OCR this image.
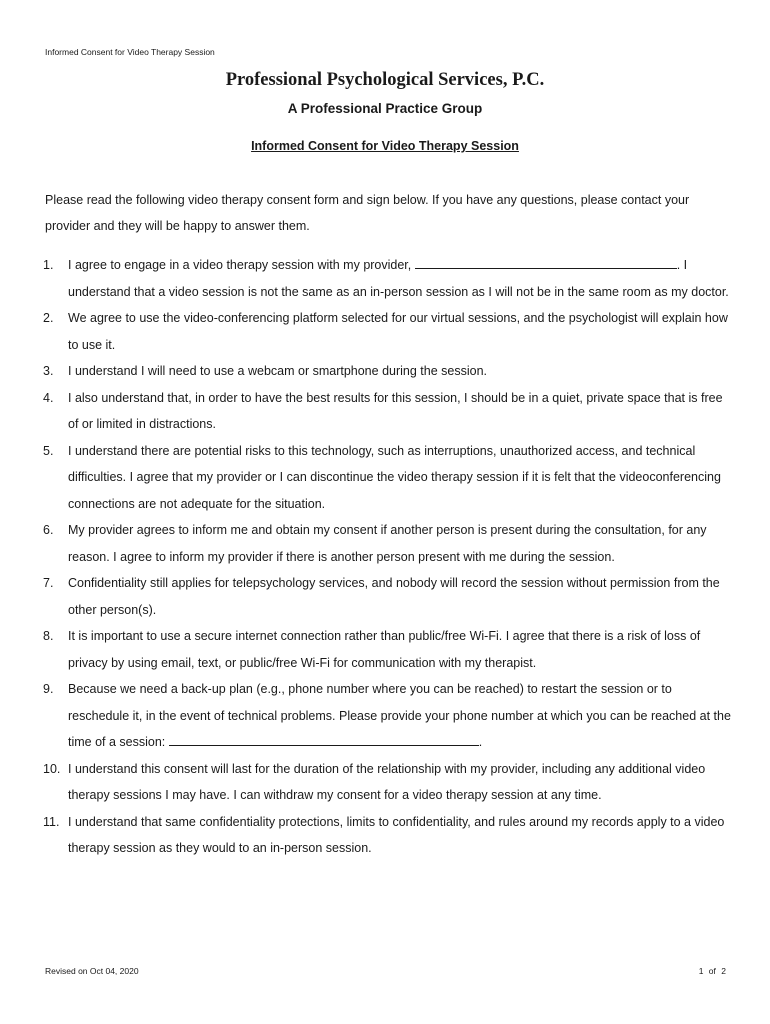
Informed Consent for Video Therapy Session
Professional Psychological Services, P.C.
A Professional Practice Group
Informed Consent for Video Therapy Session
Please read the following video therapy consent form and sign below. If you have any questions, please contact your provider and they will be happy to answer them.
1. I agree to engage in a video therapy session with my provider,	. I understand that a video session is not the same as an in-person session as I will not be in the same room as my doctor.
2. We agree to use the video-conferencing platform selected for our virtual sessions, and the psychologist will explain how to use it.
3. I understand I will need to use a webcam or smartphone during the session.
4. I also understand that, in order to have the best results for this session, I should be in a quiet, private space that is free of or limited in distractions.
5. I understand there are potential risks to this technology, such as interruptions, unauthorized access, and technical difficulties. I agree that my provider or I can discontinue the video therapy session if it is felt that the videoconferencing connections are not adequate for the situation.
6. My provider agrees to inform me and obtain my consent if another person is present during the consultation, for any reason. I agree to inform my provider if there is another person present with me during the session.
7. Confidentiality still applies for telepsychology services, and nobody will record the session without permission from the other person(s).
8. It is important to use a secure internet connection rather than public/free Wi-Fi. I agree that there is a risk of loss of privacy by using email, text, or public/free Wi-Fi for communication with my therapist.
9. Because we need a back-up plan (e.g., phone number where you can be reached) to restart the session or to reschedule it, in the event of technical problems. Please provide your phone number at which you can be reached at the time of a session:	.
10. I understand this consent will last for the duration of the relationship with my provider, including any additional video therapy sessions I may have. I can withdraw my consent for a video therapy session at any time.
11. I understand that same confidentiality protections, limits to confidentiality, and rules around my records apply to a video therapy session as they would to an in-person session.
Revised on Oct 04, 2020	1 of 2
